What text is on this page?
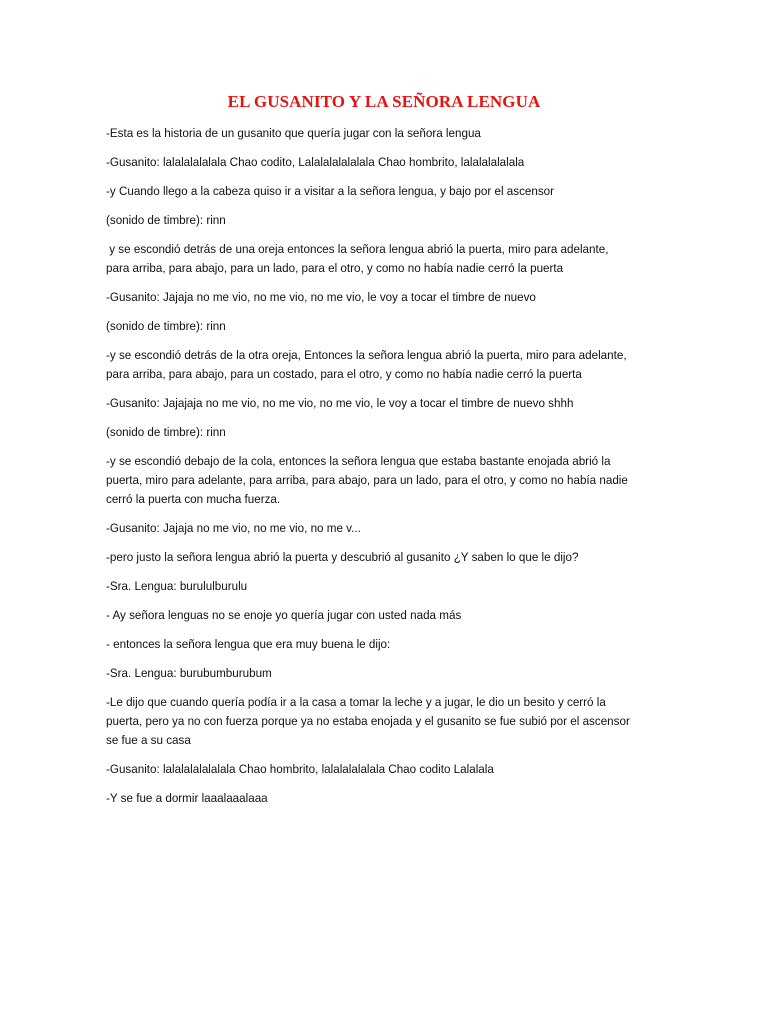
EL GUSANITO Y LA SEÑORA LENGUA

-Esta es la historia de un gusanito que quería jugar con la señora lengua

-Gusanito: lalalalalalala Chao codito, Lalalalalalalala Chao hombrito, lalalalalalala

-y Cuando llego a la cabeza quiso ir a visitar a la señora lengua, y bajo por el ascensor

(sonido de timbre): rinn

y se escondió detrás de una oreja entonces la señora lengua abrió la puerta, miro para adelante, para arriba, para abajo, para un lado, para el otro, y como no había nadie cerró la puerta

-Gusanito: Jajaja no me vio, no me vio, no me vio, le voy a tocar el timbre de nuevo

(sonido de timbre): rinn

-y se escondió detrás de la otra oreja, Entonces la señora lengua abrió la puerta, miro para adelante, para arriba, para abajo, para un costado, para el otro, y como no había nadie cerró la puerta

-Gusanito: Jajajaja no me vio, no me vio, no me vio, le voy a tocar el timbre de nuevo shhh

(sonido de timbre): rinn

-y se escondió debajo de la cola, entonces la señora lengua que estaba bastante enojada abrió la puerta, miro para adelante, para arriba, para abajo, para un lado, para el otro, y como no había nadie cerró la puerta con mucha fuerza.

-Gusanito: Jajaja no me vio, no me vio, no me v...

-pero justo la señora lengua abrió la puerta y descubrió al gusanito ¿Y saben lo que le dijo?

-Sra. Lengua: burululburulu

- Ay señora lenguas no se enoje yo quería jugar con usted nada más

- entonces la señora lengua que era muy buena le dijo:

-Sra. Lengua: burubumburubum

-Le dijo que cuando quería podía ir a la casa a tomar la leche y a jugar, le dio un besito y cerró la puerta, pero ya no con fuerza porque ya no estaba enojada y el gusanito se fue subió por el ascensor se fue a su casa

-Gusanito: lalalalalalalala Chao hombrito, lalalalalalala Chao codito Lalalala

-Y se fue a dormir laaalaaalaaa
